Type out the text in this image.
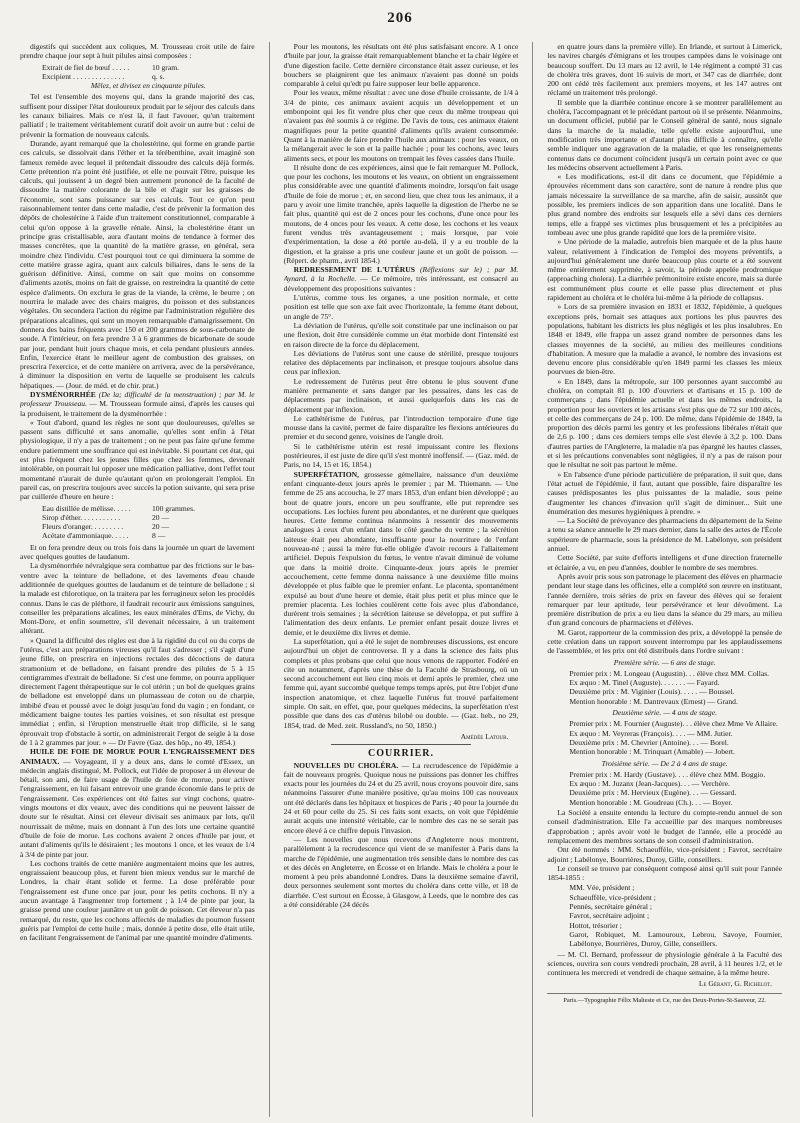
206

digestifs qui succèdent aux coliques, M. Trousseau croit utile de faire prendre chaque jour sept à huit pilules ainsi composées :

Extrait de fiel de bœuf . . . . .	10 gram.
Excipient . . . . . . . . . . . . . .	q. s.
Mêlez, et divisez en cinquante pilules.

Tel est l'ensemble des moyens qui, dans la grande majorité des cas, suffisent pour dissiper l'état douloureux produit par le séjour des calculs dans les canaux biliaires. Mais ce n'est là, il faut l'avouer, qu'un traitement palliatif ; le traitement véritablement curatif doit avoir un autre but : celui de prévenir la formation de nouveaux calculs.

Durande, ayant remarqué que la cholestérine, qui forme en grande partie ces calculs, se dissolvait dans l'éther et la térébenthine, avait imaginé son fameux remède avec lequel il prétendait dissoudre des calculs déjà formés. Cette prétention n'a point été justifiée, et elle ne pouvait l'être, puisque les calculs, qui jouissent à un degré bien autrement prononcé de la faculté de dissoudre la matière colorante de la bile et d'agir sur les graisses de l'économie, sont sans puissance sur ces calculs. Tout ce qu'on peut raisonnablement tenter dans cette maladie, c'est de prévenir la formation des dépôts de cholestérine à l'aide d'un traitement constitutionnel, comparable à celui qu'on oppose à la gravelle rénale. Ainsi, la cholestérine étant un principe gras cristallisable, aura d'autant moins de tendance à former des masses concrètes, que la quantité de la matière grasse, en général, sera moindre chez l'individu. C'est pourquoi tout ce qui diminuera la somme de cette matière grasse agira, quant aux calculs biliaires, dans le sens de la guérison définitive. Ainsi, comme on sait que moins on consomme d'aliments azotés, moins on fait de graisse, on restreindra la quantité de cette espèce d'aliments. On exclura le gras de la viande, la crème, le beurre ; on nourrira le malade avec des chairs maigres, du poisson et des substances végétales. On secondera l'action du régime par l'administration régulière des préparations alcalines, qui sont un moyen remarquable d'amaigrissement. On donnera des bains fréquents avec 150 et 200 grammes de sous-carbonate de soude. A l'intérieur, on fera prendre 3 à 6 grammes de bicarbonate de soude par jour, pendant huit jours chaque mois, et cela pendant plusieurs années. Enfin, l'exercice étant le meilleur agent de combustion des graisses, on prescrira l'exercice, et de cette manière on arrivera, avec de la persévérance, à diminuer la disposition en vertu de laquelle se produisent les calculs hépatiques. — (Jour. de méd. et de chir. prat.)

DYSMÉNORRHÉE (De la; difficulté de la menstruation) ; par M. le professeur Trousseau. — M. Trousseau formule ainsi, d'après les causes qui la produisent, le traitement de la dysménorrhée :

« Tout d'abord, quand les règles ne sont que douloureuses, qu'elles se passent sans difficulté et sans anomalie, qu'elles sont enfin à l'état physiologique, il n'y a pas de traitement ; on ne peut pas faire qu'une femme endure patiemment une souffrance qui est inévitable. Si pourtant cet état, qui est plus fréquent chez les jeunes filles que chez les femmes, devenait intolérable, on pourrait lui opposer une médication palliative, dont l'effet tout momentané n'aurait de durée qu'autant qu'on en prolongerait l'emploi. En pareil cas, on prescrira toujours avec succès la potion suivante, qui sera prise par cuillerée d'heure en heure :

Eau distillée de mélisse. . . . .	100 grammes.
Sirop d'éther. . . . . . . . . . .	20 —
Fleurs d'oranger. . . . . . . . .	20 —
Acétate d'ammoniaque. . . . .	8 —

Et on fera prendre deux ou trois fois dans la journée un quart de lavement avec quelques gouttes de laudanum.

La dysménorrhée névralgique sera combattue par des frictions sur le bas-ventre avec la teinture de belladone, et des lavements d'eau chaude additionnée de quelques gouttes de laudanum et de teinture de belladone ; si la malade est chlorotique, on la traitera par les ferrugineux selon les procédés connus. Dans le cas de pléthore, il faudrait recourir aux émissions sanguines, conseiller les préparations alcalines, les eaux minérales d'Ems, de Vichy, du Mont-Dore, et enfin soumettre, s'il devenait nécessaire, à un traitement altérant.

» Quand la difficulté des règles est due à la rigidité du col ou du corps de l'utérus, c'est aux préparations vireuses qu'il faut s'adresser ; s'il s'agit d'une jeune fille, on prescrira en injections rectales des décoctions de datura stramonium et de belladone, en faisant prendre des pilules de 5 à 15 centigrammes d'extrait de belladone. Si c'est une femme, on pourra appliquer directement l'agent thérapeutique sur le col utérin ; un bol de quelques grains de belladone est enveloppé dans un plumasseau de coton ou de charpie, imbibé d'eau et poussé avec le doigt jusqu'au fond du vagin ; en fondant, ce médicament baigne toutes les parties voisines, et son résultat est presque immédiat ; enfin, si l'éruption menstruelle était trop difficile, si le sang éprouvait trop d'obstacle à sortir, on administrerait l'ergot de seigle à la dose de 1 à 2 grammes par jour. » — Dr Favre (Gaz. des hôp., no 49, 1854.)

HUILE DE FOIE DE MORUE POUR L'ENGRAISSEMENT DES ANIMAUX. — Voyageant, il y a deux ans, dans le comté d'Essex, un médecin anglais distingué, M. Pollock, eut l'idée de proposer à un éleveur de bétail, son ami, de faire usage de l'huile de foie de morue, pour activer l'engraissement, en lui faisant entrevoir une grande économie dans le prix de l'engraissement. Ces expériences ont été faites sur vingt cochons, quatre-vingts moutons et dix veaux, avec des conditions qui ne peuvent laisser de doute sur le résultat. Ainsi cet éleveur divisait ses animaux par lots, qu'il nourrissait de même, mais en donnant à l'un des lots une certaine quantité d'huile de foie de morue. Les cochons avaient 2 onces d'huile par jour, et autant d'aliments qu'ils le désiraient ; les moutons 1 once, et les veaux de 1/4 à 3/4 de pinte par jour.

Les cochons traités de cette manière augmentaient moins que les autres, engraissaient beaucoup plus, et furent bien mieux vendus sur le marché de Londres, la chair étant solide et ferme. La dose préférable pour l'engraissement est d'une once par jour, pour les petits cochons. Il n'y a aucun avantage à l'augmenter trop fortement ; à 1/4 de pinte par jour, la graisse prend une couleur jaunâtre et un goût de poisson. Cet éleveur n'a pas remarqué, du reste, que les cochons affectés de maladies du poumon fussent guéris par l'emploi de cette huile ; mais, donnée à petite dose, elle était utile, en facilitant l'engraissement de l'animal par une quantité moindre d'aliments.

Pour les moutons, les résultats ont été plus satisfaisant encore. A 1 once d'huile par jour, la graisse était remarquablement blanche et la chair légère et d'une digestion facile. Cette dernière circonstance était assez curieuse, et les bouchers se plaignirent que les animaux n'avaient pas donné un poids comparable à celui qu'edt pu faire supposer leur belle apparence.

Pour les veaux, même résultat : avec une dose d'huile croissante, de 1/4 à 3/4 de pinte, ces animaux avaient acquis un développement et un embonpoint qui les fit vendre plus cher que ceux du même troupeau qui n'avaient pas été soumis à ce régime. De l'avis de tous, ces animaux étaient magnifiques pour la petite quantité d'aliments qu'ils avaient consommée. Quant à la manière de faire prendre l'huile aux animaux : pour les veaux, on la mélangerait avec le son et la paille hachée ; pour les cochons, avec leurs aliments secs, et pour les moutons on trempait les fèves cassées dans l'huile.

Il résulte donc de ces expériences, ainsi que le fait remarquer M. Pollock, que pour les cochons, les moutons et les veaux, on obtient un engraissement plus considérable avec une quantité d'aliments moindre, lorsqu'on fait usage d'huile de foie de morue ; et, en second lieu, que chez tous les animaux, il a paru y avoir une limite tranchée, après laquelle la digestion de l'herbe ne se fait plus, quantité qui est de 2 onces pour les cochons, d'une once pour les moutons, de 4 onces pour les veaux. A cette dose, les cochons et les veaux furent vendus très avantageusement ; mais lorsque, par voie d'expérimentation, la dose a été portée au-delà, il y a eu trouble de la digestion, et la graisse a pris une couleur jaune et un goût de poisson. — (Répert. de pharm., avril 1854.)

REDRESSEMENT DE L'UTÉRUS (Réflexions sur le) ; par M. Aynard, à la Rochelle. — Ce mémoire, très intéressant, est consacré au développement des propositions suivantes :

L'utérus, comme tous les organes, a une position normale, et cette position est telle que son axe fait avec l'horizontale, la femme étant debout, un angle de 75°.

La déviation de l'utérus, qu'elle soit constituée par une inclinaison ou par une flexion, doit être considérée comme un état morbide dont l'intensité est en raison directe de la force du déplacement.

Les déviations de l'utérus sont une cause de stérilité, presque toujours relative des déplacements par inclinaison, et presque toujours absolue dans ceux par inflexion.

Le redressement de l'utérus peut être obtenu le plus souvent d'une manière permanente et sans danger par les pessaires, dans les cas de déplacements par inclinaison, et aussi quelquefois dans les cas de déplacement par inflexion.

Le cathétérisme de l'utérus, par l'introduction temporaire d'une tige mousse dans la cavité, permet de faire disparaître les flexions antérieures du premier et du second genre, voisines de l'angle droit.

Si le cathétérisme utérin est resté impuissant contre les flexions postérieures, il est juste de dire qu'il s'est montré inoffensif. — (Gaz. méd. de Paris, no 14, 15 et 16, 1854.)

SUPERFÉTATION, grossesse gémellaire, naissance d'un deuxième enfant cinquante-deux jours après le premier ; par M. Thiemann. — Une femme de 25 ans accoucha, le 27 mars 1853, d'un enfant bien développé ; au bout de quatre jours, encore un peu souffrante, elle put reprendre ses occupations. Les lochies furent peu abondantes, et ne durèrent que quelques heures. Cette femme continua néanmoins à ressentir des mouvements analogues à ceux d'un enfant dans le côté gauche du ventre ; la sécrétion laiteuse était peu abondante, insuffisante pour la nourriture de l'enfant nouveau-né ; aussi la mère fut-elle obligée d'avoir recours à l'allaitement artificiel. Depuis l'expulsion du fœtus, le ventre n'avait diminué de volume que dans la moitié droite. Cinquante-deux jours après le premier accouchement, cette femme donna naissance à une deuxième fille moins développée et plus faible que le premier enfant. Le placenta, spontanément expulsé au bout d'une heure et demie, était plus petit et plus mince que le premier placenta. Les lochies coulèrent cette fois avec plus d'abondance, durèrent trois semaines ; la sécrétion laiteuse se développa, et put suffire à l'alimentation des deux enfants. Le premier enfant pesait douze livres et demie, et le deuxième dix livres et demie.

La superfétation, qui a été le sujet de nombreuses discussions, est encore aujourd'hui un objet de controverse. Il y a dans la science des faits plus complets et plus probans que celui que nous venons de rapporter. Fodéré en cite un notamment, d'après une thèse de la Faculté de Strasbourg, où un second accouchement eut lieu cinq mois et demi après le premier, chez une femme qui, ayant succombé quelque temps temps après, put être l'objet d'une inspection anatomique, et chez laquelle l'utérus fut trouvé parfaitement simple. On sait, en effet, que, pour quelques médecins, la superfétation n'est possible que dans des cas d'utérus bilobé ou double. — (Gaz. heb., no 29, 1854, trad. de Med. zeit. Russland's, no 50, 1850.)

Amédée Latour.
COURRIER.

NOUVELLES DU CHOLÉRA. — La recrudescence de l'épidémie a fait de nouveaux progrès. Quoique nous ne puissions pas donner les chiffres exacts pour les journées du 24 et du 25 avril, nous croyons pouvoir dire, sans néanmoins l'assurer d'une manière positive, qu'au moins 100 cas nouveaux ont été déclarés dans les hôpitaux et hospices de Paris ; 40 pour la journée du 24 et 60 pour celle du 25. Si ces faits sont exacts, on voit que l'épidémie aurait acquis une intensité véritable, car le nombre des cas ne se serait pas encore élevé à ce chiffre depuis l'invasion.

— Les nouvelles que nous recevons d'Angleterre nous montrent, parallèlement à la recrudescence qui vient de se manifester à Paris dans la marche de l'épidémie, une augmentation très sensible dans le nombre des cas et des décès en Angleterre, en Écosse et en Irlande. Mais le choléra a pour le moment à peu près abandonné Londres. Dans la deuxième semaine d'avril, deux personnes seulement sont mortes du choléra dans cette ville, et 18 de diarrhée. C'est surtout en Écosse, à Glasgow, à Leeds, que le nombre des cas a été considérable (24 décès

en quatre jours dans la première ville). En Irlande, et surtout à Limerick, les navires chargés d'émigrans et les troupes campées dans le voisinage ont beaucoup souffert. Du 13 mars au 12 avril, le 14e régiment a compté 31 cas de choléra très graves, dont 16 suivis de mort, et 347 cas de diarrhée, dont 200 ont cédé très facilement aux premiers moyens, et les 147 autres ont réclamé un traitement très prolongé.

Il semble que la diarrhée continue encore à se montrer parallèlement au choléra, l'accompagnant et le précédant partout où il se présente. Néanmoins, un document officiel, publié par le Conseil général de santé, nous signale dans la marche de la maladie, telle qu'elle existe aujourd'hui, une modification très importante et d'autant plus difficile à connaître, qu'elle semble indiquer une aggravation de la maladie, et que les renseignements contenus dans ce document coïncident jusqu'à un certain point avec ce que les médecins observent actuellement à Paris.

« Les modifications, est-il dit dans ce document, que l'épidémie a éprouvées récemment dans son caractère, sont de nature à rendre plus que jamais nécessaire la surveillance de sa marche, afin de saisir, aussitôt que possible, les premiers indices de son apparition dans une localité. Dans le plus grand nombre des endroits sur lesquels elle a sévi dans ces derniers temps, elle a frappé ses victimes plus brusquement et les a précipitées au tombeau avec une plus grande rapidité que lors de la première visite.

» Une période de la maladie, autrefois bien marquée et de la plus haute valeur, relativement à l'indication de l'emploi des moyens préventifs, a aujourd'hui généralement une durée beaucoup plus courte et a été souvent même entièrement supprimée, à savoir, la période appelée prodromique (approaching cholera). La diarrhée prémonitoire existe encore, mais sa durée est communément plus courte et elle passe plus directement et plus rapidement au choléra et le choléra lui-même à la période de collapsus.

» Lors de sa première invasion en 1831 et 1832, l'épidémie, à quelques exceptions près, bornait ses attaques aux portions les plus pauvres des populations, habitant les districts les plus négligés et les plus insalubres. En 1848 et 1849, elle frappa un assez grand nombre de personnes dans les classes moyennes de la société, au milieu des meilleures conditions d'habitation. A mesure que la maladie a avancé, le nombre des invasions est devenu encore plus considérable qu'en 1849 parmi les classes les mieux pourvues de bien-être.

» En 1849, dans la métropole, sur 100 personnes ayant succombé au choléra, on comptait 81 p. 100 d'ouvriers et d'artisans et 15 p. 100 de commerçans ; dans l'épidémie actuelle et dans les mêmes endroits, la proportion pour les ouvriers et les artisans s'est plus que de 72 sur 100 décès, et celle des commerçans de 24 p. 100. De même, dans l'épidémie de 1849, la proportion des décès parmi les gentry et les professions libérales n'était que de 2,6 p. 100 ; dans ces derniers temps elle s'est élevée à 3,2 p. 100. Dans d'autres parties de l'Angleterre, la maladie n'a pas épargné les hautes classes, et si les précautions convenables sont négligées, il n'y a pas de raison pour que le résultat ne soit pas partout le même.

» En l'absence d'une période particulière de préparation, il suit que, dans l'état actuel de l'épidémie, il faut, autant que possible, faire disparaître les causes prédisposantes les plus puissantes de la maladie, sous peine d'augmenter les chances d'invasion qu'il s'agit de diminuer... Suit une énumération des mesures hygiéniques à prendre. »

— La Société de prévoyance des pharmaciens du département de la Seine a tenu sa séance annuelle le 29 mars dernier, dans la salle des actes de l'École supérieure de pharmacie, sous la présidence de M. Labélonye, son président annuel.

Cette Société, par suite d'efforts intelligens et d'une direction fraternelle et éclairée, a vu, en peu d'années, doubler le nombre de ses membres.

Après avoir pris sous son patronage le placement des élèves en pharmacie pendant leur stage dans les officines, elle a complété son œuvre en instituant, l'année dernière, trois séries de prix en faveur des élèves qui se feraient remarquer par leur aptitude, leur persévérance et leur dévoûment. La première distribution de prix a eu lieu dans la séance du 29 mars, au milieu d'un grand concours de pharmaciens et d'élèves.

M. Garot, rapporteur de la commission des prix, a développé la pensée de cette création dans un rapport souvent interrompu par les applaudissemens de l'assemblée, et les prix ont été distribués dans l'ordre suivant :

Première série. — 6 ans de stage.
Premier prix : M. Longeau (Augustin). . . élève chez MM. Collas.
Ex æquo : M. Tinel (Auguste). . . . . . . — Fayard.
Deuxième prix : M. Viginier (Louis). . . . . — Boussel.
Mention honorable : M. Dantrevaux (Ernest) — Grand.
Deuxième série. — 4 ans de stage.
Premier prix : M. Fournier (Auguste). . . élève chez Mme Ve Allaire.
Ex æquo : M. Veyreras (François). . . . — MM. Jutier.
Deuxième prix : M. Chevrier (Antoine). . . — Borel.
Mention honorable : M. Trinquart (Amable) — Jobert.
Troisième série. — De 2 à 4 ans de stage.
Premier prix : M. Hardy (Gustave). . . . élève chez MM. Boggio.
Ex æquo : M. Juzanx (Jean-Jacques). . . — Verchère.
Deuxième prix : M. Hervieux (Eugène). . . — Gessard.
Mention honorable : M. Goudreau (Ch.). . . — Boyer.

La Société a ensuite entendu la lecture du compte-rendu annuel de son conseil d'administration. Elle l'a accueillie par des marques nombreuses d'approbation ; après avoir voté le budget de l'année, elle a procédé au remplacement des membres sortans de son conseil d'administration.

Ont été nommés : MM. Schaeuffèle, vice-président ; Favrot, secrétaire adjoint ; Labélonye, Bourrières, Duroy, Gille, conseillers.

Le conseil se trouve par conséquent composé ainsi qu'il suit pour l'année 1854-1855 :

MM. Vée, président ;
Schaeuffèle, vice-président ;
Pennès, secrétaire général ;
Favrot, secrétaire adjoint ;
Hottot, trésorier ;
Garot, Robiquet, M. Lamouroux, Lebrou, Savoye, Fournier, Labélonye, Bourrières, Duroy, Gille, conseillers.

— M. Cl. Bernard, professeur de physiologie générale à la Faculté des sciences, ouvrira son cours vendredi prochain, 28 avril, à 11 heures 1/2, et le continuera les mercredi et vendredi de chaque semaine, à la même heure.

Le Gérant, G. Richelot.
Paris.—Typographie Félix Malteste et Ce, rue des Deux-Portes-St-Sauveur, 22.
